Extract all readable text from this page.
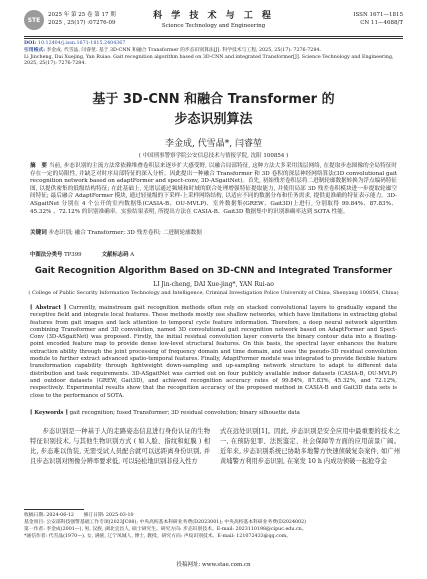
STE
2025 年 第 25 卷 第 17 期
2025 , 25(17) :07276-09
科 学 技 术 与 工 程
Science Technology and Engineering
ISSN 1671—1815
CN 11—4688/T
DOI: 10.12404/j.issn.1671-1815.2404367
引用格式: 李金成, 代雪晶, 闫睿堃. 基于 3D-CNN 和融合 Transformer 的步态识别算法[J]. 科学技术与工程, 2025, 25(17): 7276-7284.
Li Jincheng, Dai Xuejing, Yan Ruiao. Gait recognition algorithm based on 3D-CNN and integrated Transformer[J]. Science Technology and Engineering, 2025, 25(17): 7276-7284.
基于 3D-CNN 和融合 Transformer 的
步态识别算法
李金成, 代雪晶*, 闫睿堃
( 中国刑事警察学院公安信息技术与情报学院, 沈阳 100854 )
摘　要 当前, 步态识别的主流方法常依赖堆叠卷积层来逐步扩大感受野, 以融合局部特征, 这种方法大多采用浅层网络, 在提取步态图像的全局特征时存在一定的局限性, 并缺乏对时序局部特征的深入分析。因此提出一种融合 Transformer 和 3D 卷积的深层神经网络算法(3D convolutional gait recognition network based on adaptFormer and spect-conv, 3D-ASgaitNet)。首先, 初始残差卷积层将二进制轮廓数据转换为浮点编码特征图, 以提供密集的低级结构特征; 在此基础上, 光谱层通过频域和时域的联合处理增强特征提取能力, 并使用局部 3D 残差卷积模块进一步提取轮廓空间特征; 最后融合 AdaptFormer 模块, 通过轻量级的下采样-上采样网络结构, 以适应不同的数据分布和任务需求, 提供更准确的特征表示能力。3D-ASgaitNet 分别在 4 个公开的室内数据集(CASIA-B、OU-MVLP)、室外数据集(GREW、Gait3D)上进行, 分别取得 99.84%、87.83%、45.32% 、72.12% 的识别准确率。实验结果表明, 所提出方法在 CASIA-B、Gait3D 数据集中的识别准确率达到 SOTA 性能。
关键词 步态识别; 融合 Transformer; 3D 残差卷积; 二进制轮廓数据
中图法分类号 TP399	文献标志码 A
Gait Recognition Algorithm Based on 3D-CNN and Integrated Transformer
LI Jin-cheng, DAI Xue-jing*, YAN Rui-ao
( College of Public Security Information Technology and Intelligence, Criminal Investigation Police University of China, Shenyang 100854, China)
[ Abstract ] Currently, mainstream gait recognition methods often rely on stacked convolutional layers to gradually expand the receptive field and integrate local features. These methods mostly use shallow networks, which have limitations in extracting global features from gait images and lack attention to temporal cycle feature information. Therefore, a deep neural network algorithm combining Transformer and 3D convolution, named 3D convolutional gait recognition network based on AdaptFormer and Spect-Conv (3D-ASgaitNet) was proposed. Firstly, the initial residual convolution layer converts the binary contour data into a floating-point encoded feature map to provide dense low-level structural features. On this basis, the spectral layer enhances the feature extraction ability through the joint processing of frequency domain and time domain, and uses the pseudo-3D residual convolution module to further extract advanced spatio-temporal features. Finally, AdaptFormer module was integrated to provide flexible feature transformation capability through lightweight down-sampling and up-sampling network structure to adapt to different data distribution and task requirements. 3D-ASgaitNet was carried out on four publicly available indoor datasets (CASIA-B, OU-MVLP) and outdoor datasets (GREW, Gait3D), and achieved recognition accuracy rates of 99.84%, 87.83%, 45.32%, and 72.12%, respectively. Experimental results show that the recognition accuracy of the proposed method in CASIA-B and Gait3D data sets is close to the performance of SOTA.
[ Keywords ] gait recognition; fused Transformer; 3D residual convolution; binary silhouette data
步态识别是一种基于人的走路姿态信息进行身份认证的生物特征识别技术, 与其他生物识别方式 ( 如人脸、指纹和虹膜 ) 相比, 步态难以伪装, 无需受试人员配合就可以远距离身份识别, 并且步态识别对图像分辨率要求低, 可以轻松地识别非侵入性方
式在远处识别[1]。因此, 步态识别是安全应用中最重要的技术之一, 在预防犯罪、法医鉴定、社会保障等方面的应用前景广阔。近年来, 步态识别系统已协助多地警方快速侦破复杂案件, 如广州黄埔警方利用步态识别, 在案发 10 h 内成功侦破一起抢夺金
收稿日期: 2024-06-12　　修订日期: 2025-03-10
基金项目: 公安部科技强警基础工作专项(2023JC08); 中央高校基本科研业务费(D2023001); 中央高校基本科研业务费(D2024002)
第一作者: 李金成(2001—), 男, 汉族, 湖北宜昌人, 硕士研究生。研究方向: 步态识别技术。E-mail: 2023110198@cipuc.edu.cn。
*通信作者: 代雪晶(1970—), 女, 满族, 辽宁凤城人, 博士, 教授。研究方向: 声纹识别技术。E-mail: 121072433@qq.com。
投稿网址: www.stae.com.cn
